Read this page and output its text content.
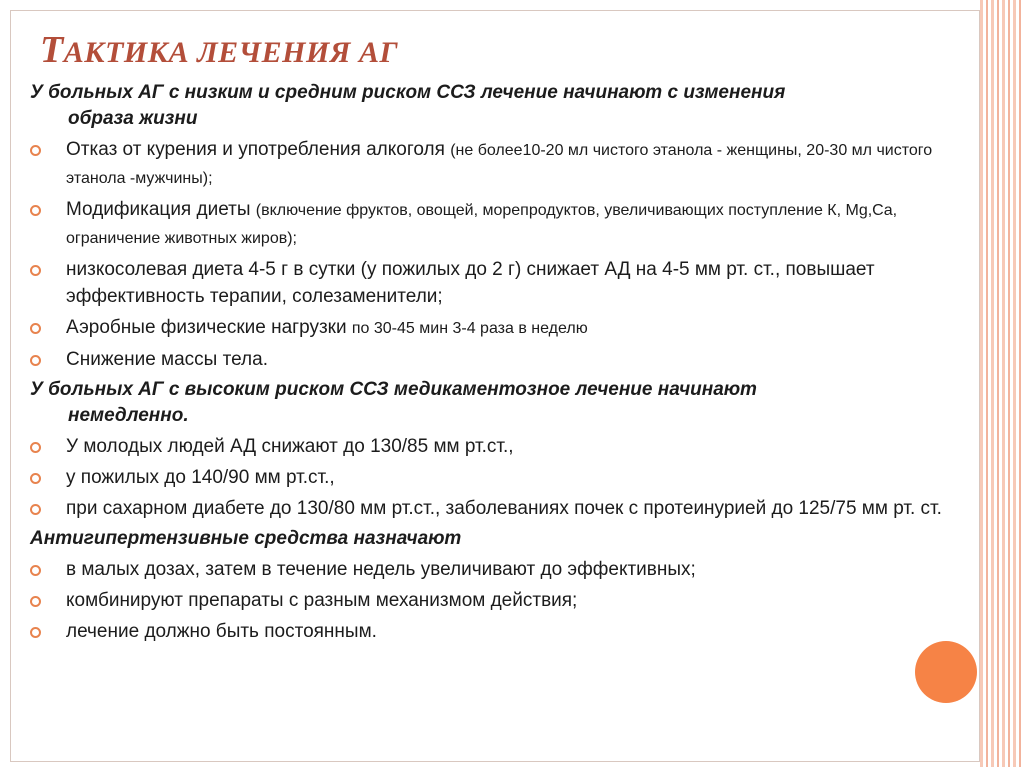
ТАКТИКА ЛЕЧЕНИЯ АГ
У больных АГ с низким и средним риском ССЗ лечение начинают с изменения
образа жизни
Отказ от курения и употребления алкоголя (не более10-20 мл чистого этанола - женщины, 20-30 мл чистого этанола -мужчины);
Модификация диеты (включение фруктов, овощей, морепродуктов, увеличивающих поступление К, Mg,Ca, ограничение животных жиров);
низкосолевая диета 4-5 г в сутки (у пожилых до 2 г) снижает АД на 4-5 мм рт. ст., повышает эффективность терапии, солезаменители;
Аэробные физические нагрузки по 30-45 мин 3-4 раза в неделю
Снижение массы тела.
У больных АГ с высоким риском ССЗ медикаментозное лечение начинают
немедленно.
У молодых людей АД снижают до 130/85 мм рт.ст.,
у пожилых до 140/90 мм рт.ст.,
при сахарном диабете до 130/80 мм рт.ст., заболеваниях почек с протеинурией до 125/75 мм рт. ст.
Антигипертензивные средства назначают
в малых дозах, затем в течение недель увеличивают до эффективных;
комбинируют препараты с разным механизмом действия;
лечение должно быть постоянным.
